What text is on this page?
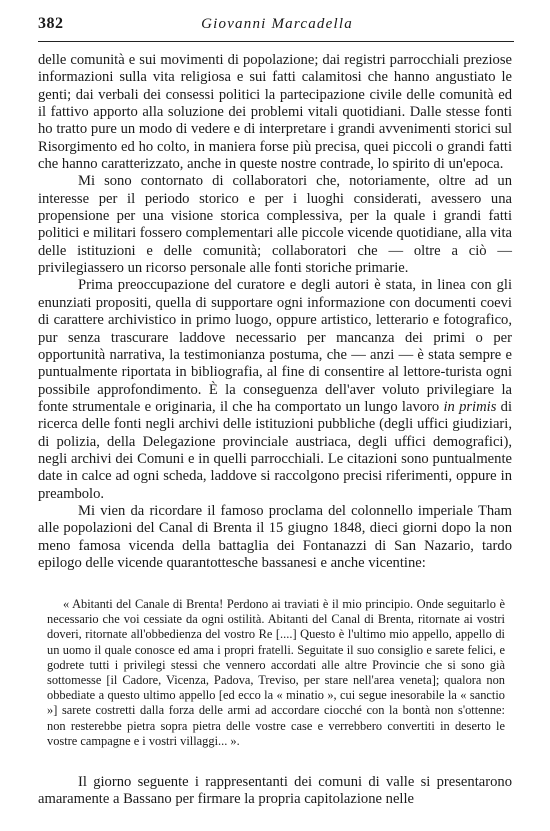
382	Giovanni Marcadella

delle comunità e sui movimenti di popolazione; dai registri parrocchiali preziose informazioni sulla vita religiosa e sui fatti calamitosi che hanno angustiato le genti; dai verbali dei consessi politici la partecipazione civile delle comunità ed il fattivo apporto alla soluzione dei problemi vitali quotidiani. Dalle stesse fonti ho tratto pure un modo di vedere e di interpretare i grandi avvenimenti storici sul Risorgimento ed ho colto, in maniera forse più precisa, quei piccoli o grandi fatti che hanno caratterizzato, anche in queste nostre contrade, lo spirito di un'epoca.

Mi sono contornato di collaboratori che, notoriamente, oltre ad un interesse per il periodo storico e per i luoghi considerati, avessero una propensione per una visione storica complessiva, per la quale i grandi fatti politici e militari fossero complementari alle piccole vicende quotidiane, alla vita delle istituzioni e delle comunità; collaboratori che — oltre a ciò — privilegiassero un ricorso personale alle fonti storiche primarie.

Prima preoccupazione del curatore e degli autori è stata, in linea con gli enunziati propositi, quella di supportare ogni informazione con documenti coevi di carattere archivistico in primo luogo, oppure artistico, letterario e fotografico, pur senza trascurare laddove necessario per mancanza dei primi o per opportunità narrativa, la testimonianza postuma, che — anzi — è stata sempre e puntualmente riportata in bibliografia, al fine di consentire al lettore-turista ogni possibile approfondimento. È la conseguenza dell'aver voluto privilegiare la fonte strumentale e originaria, il che ha comportato un lungo lavoro in primis di ricerca delle fonti negli archivi delle istituzioni pubbliche (degli uffici giudiziari, di polizia, della Delegazione provinciale austriaca, degli uffici demografici), negli archivi dei Comuni e in quelli parrocchiali. Le citazioni sono puntualmente date in calce ad ogni scheda, laddove si raccolgono precisi riferimenti, oppure in preambolo.

Mi vien da ricordare il famoso proclama del colonnello imperiale Tham alle popolazioni del Canal di Brenta il 15 giugno 1848, dieci giorni dopo la non meno famosa vicenda della battaglia dei Fontanazzi di San Nazario, tardo epilogo delle vicende quarantottesche bassanesi e anche vicentine:

« Abitanti del Canale di Brenta! Perdono ai traviati è il mio principio. Onde seguitarlo è necessario che voi cessiate da ogni ostilità. Abitanti del Canal di Brenta, ritornate ai vostri doveri, ritornate all'obbedienza del vostro Re [....] Questo è l'ultimo mio appello, appello di un uomo il quale conosce ed ama i propri fratelli. Seguitate il suo consiglio e sarete felici, e godrete tutti i privilegi stessi che vennero accordati alle altre Provincie che si sono già sottomesse [il Cadore, Vicenza, Padova, Treviso, per stare nell'area veneta]; qualora non obbediate a questo ultimo appello [ed ecco la « minatio », cui segue inesorabile la « sanctio »] sarete costretti dalla forza delle armi ad accordare ciocché con la bontà non s'ottenne: non resterebbe pietra sopra pietra delle vostre case e verrebbero convertiti in deserto le vostre campagne e i vostri villaggi... ».

Il giorno seguente i rappresentanti dei comuni di valle si presentarono amaramente a Bassano per firmare la propria capitolazione nelle
